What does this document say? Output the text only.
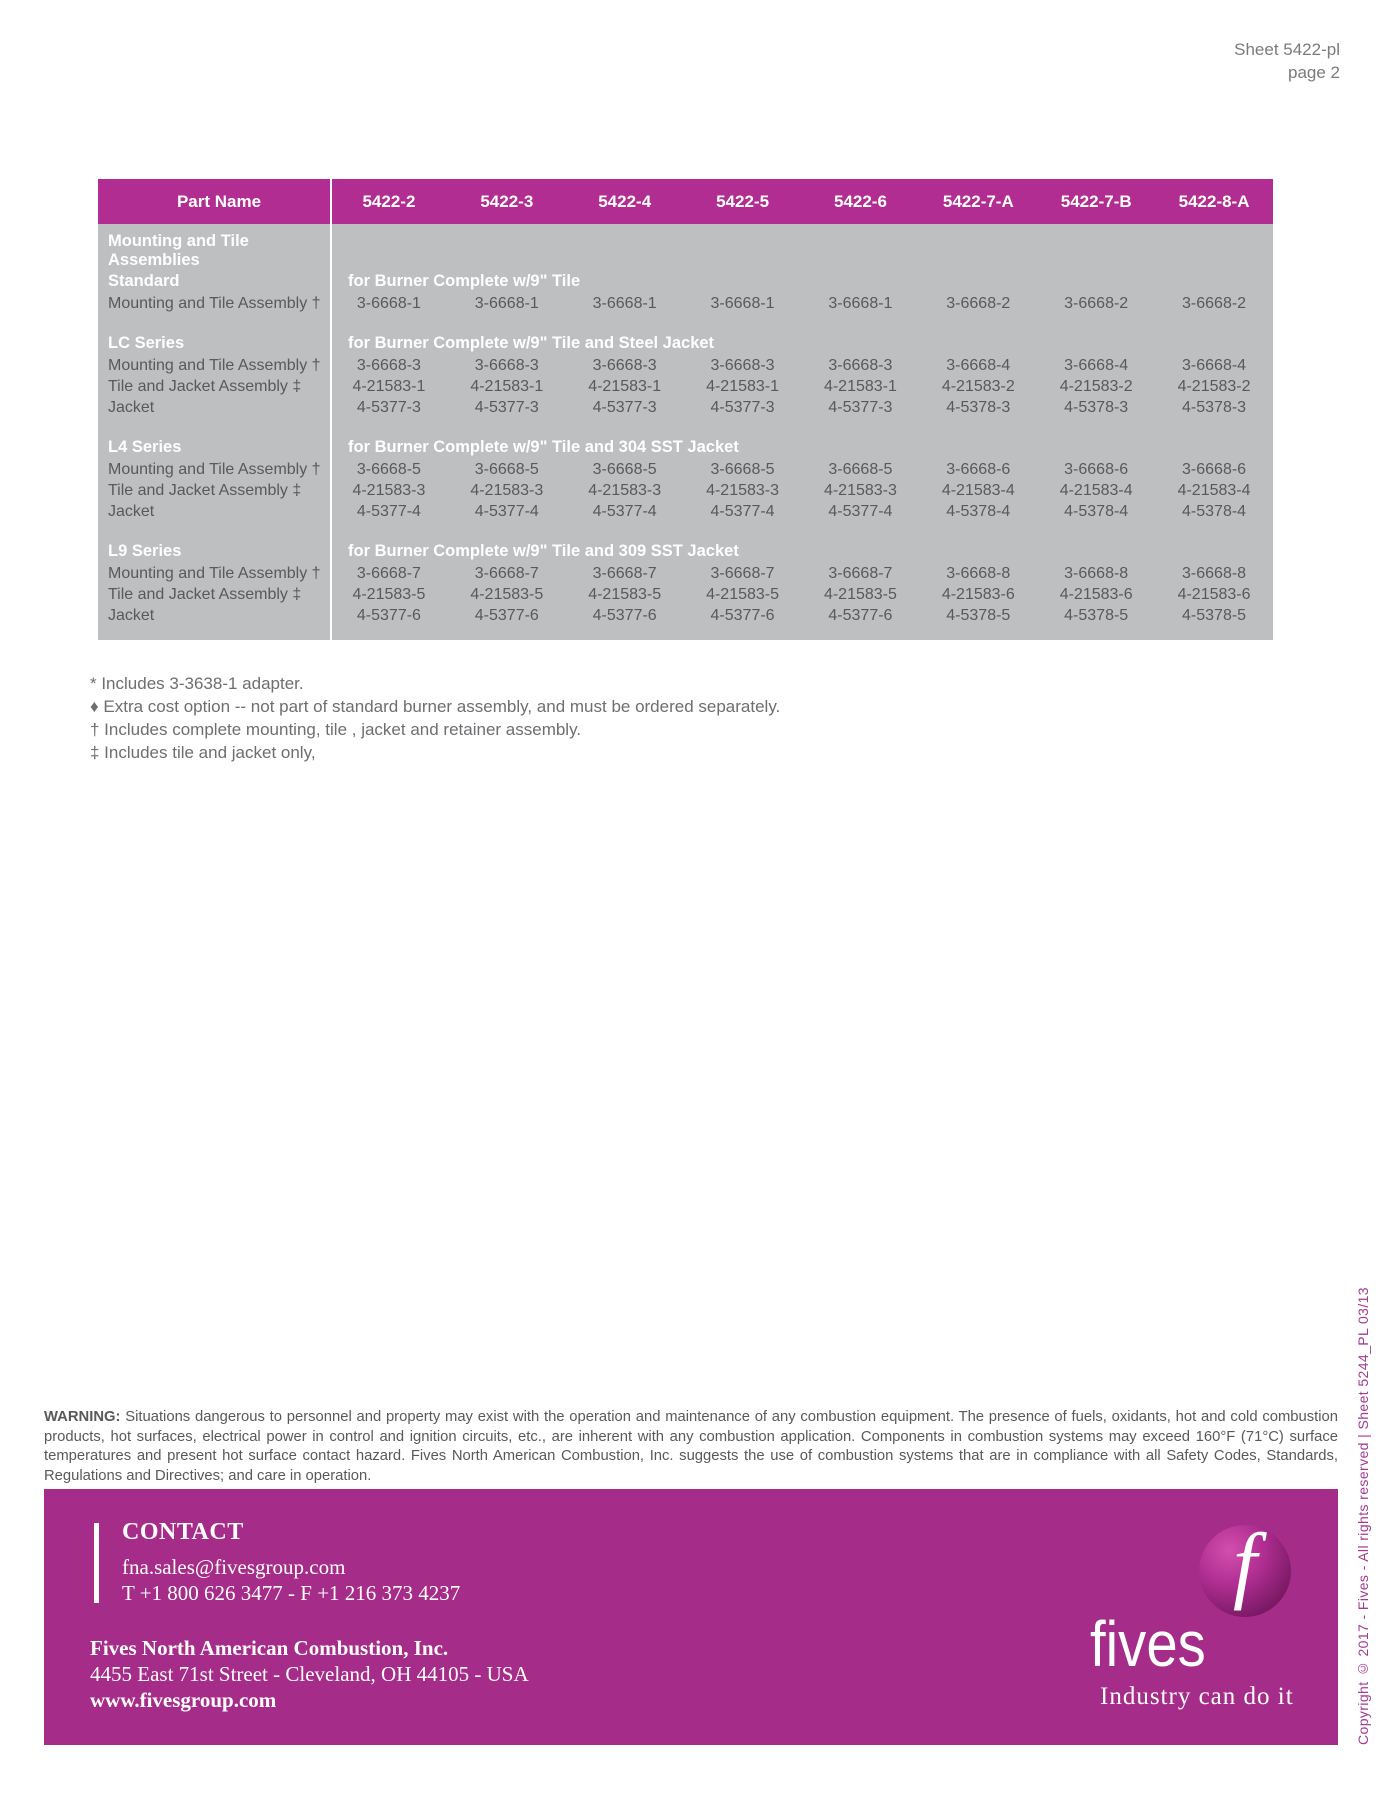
Sheet 5422-pl
page 2
Part Name	5422-2	5422-3	5422-4	5422-5	5422-6	5422-7-A	5422-7-B	5422-8-A
Mounting and Tile Assemblies
Standard	for Burner Complete w/9" Tile
Mounting and Tile Assembly †	3-6668-1	3-6668-1	3-6668-1	3-6668-1	3-6668-1	3-6668-2	3-6668-2	3-6668-2
LC Series	for Burner Complete w/9" Tile and Steel Jacket
Mounting and Tile Assembly †	3-6668-3	3-6668-3	3-6668-3	3-6668-3	3-6668-3	3-6668-4	3-6668-4	3-6668-4
Tile and Jacket Assembly ‡	4-21583-1	4-21583-1	4-21583-1	4-21583-1	4-21583-1	4-21583-2	4-21583-2	4-21583-2
Jacket	4-5377-3	4-5377-3	4-5377-3	4-5377-3	4-5377-3	4-5378-3	4-5378-3	4-5378-3
L4 Series	for Burner Complete w/9" Tile and 304 SST Jacket
Mounting and Tile Assembly †	3-6668-5	3-6668-5	3-6668-5	3-6668-5	3-6668-5	3-6668-6	3-6668-6	3-6668-6
Tile and Jacket Assembly ‡	4-21583-3	4-21583-3	4-21583-3	4-21583-3	4-21583-3	4-21583-4	4-21583-4	4-21583-4
Jacket	4-5377-4	4-5377-4	4-5377-4	4-5377-4	4-5377-4	4-5378-4	4-5378-4	4-5378-4
L9 Series	for Burner Complete w/9" Tile and 309 SST Jacket
Mounting and Tile Assembly †	3-6668-7	3-6668-7	3-6668-7	3-6668-7	3-6668-7	3-6668-8	3-6668-8	3-6668-8
Tile and Jacket Assembly ‡	4-21583-5	4-21583-5	4-21583-5	4-21583-5	4-21583-5	4-21583-6	4-21583-6	4-21583-6
Jacket	4-5377-6	4-5377-6	4-5377-6	4-5377-6	4-5377-6	4-5378-5	4-5378-5	4-5378-5
* Includes 3-3638-1 adapter.
♦ Extra cost option -- not part of standard burner assembly, and must be ordered separately.
† Includes complete mounting, tile , jacket and retainer assembly.
‡ Includes tile and jacket only,
WARNING: Situations dangerous to personnel and property may exist with the operation and maintenance of any combustion equipment. The presence of fuels, oxidants, hot and cold combustion products, hot surfaces, electrical power in control and ignition circuits, etc., are inherent with any combustion application. Components in combustion systems may exceed 160°F (71°C) surface temperatures and present hot surface contact hazard. Fives North American Combustion, Inc. suggests the use of combustion systems that are in compliance with all Safety Codes, Standards, Regulations and Directives; and care in operation.
CONTACT
fna.sales@fivesgroup.com
T +1 800 626 3477 - F +1 216 373 4237
Fives North American Combustion, Inc.
4455 East 71st Street - Cleveland, OH 44105 - USA
www.fivesgroup.com
f
fives
Industry can do it	Copyright © 2017 - Fives - All rights reserved | Sheet 5244_PL 03/13
